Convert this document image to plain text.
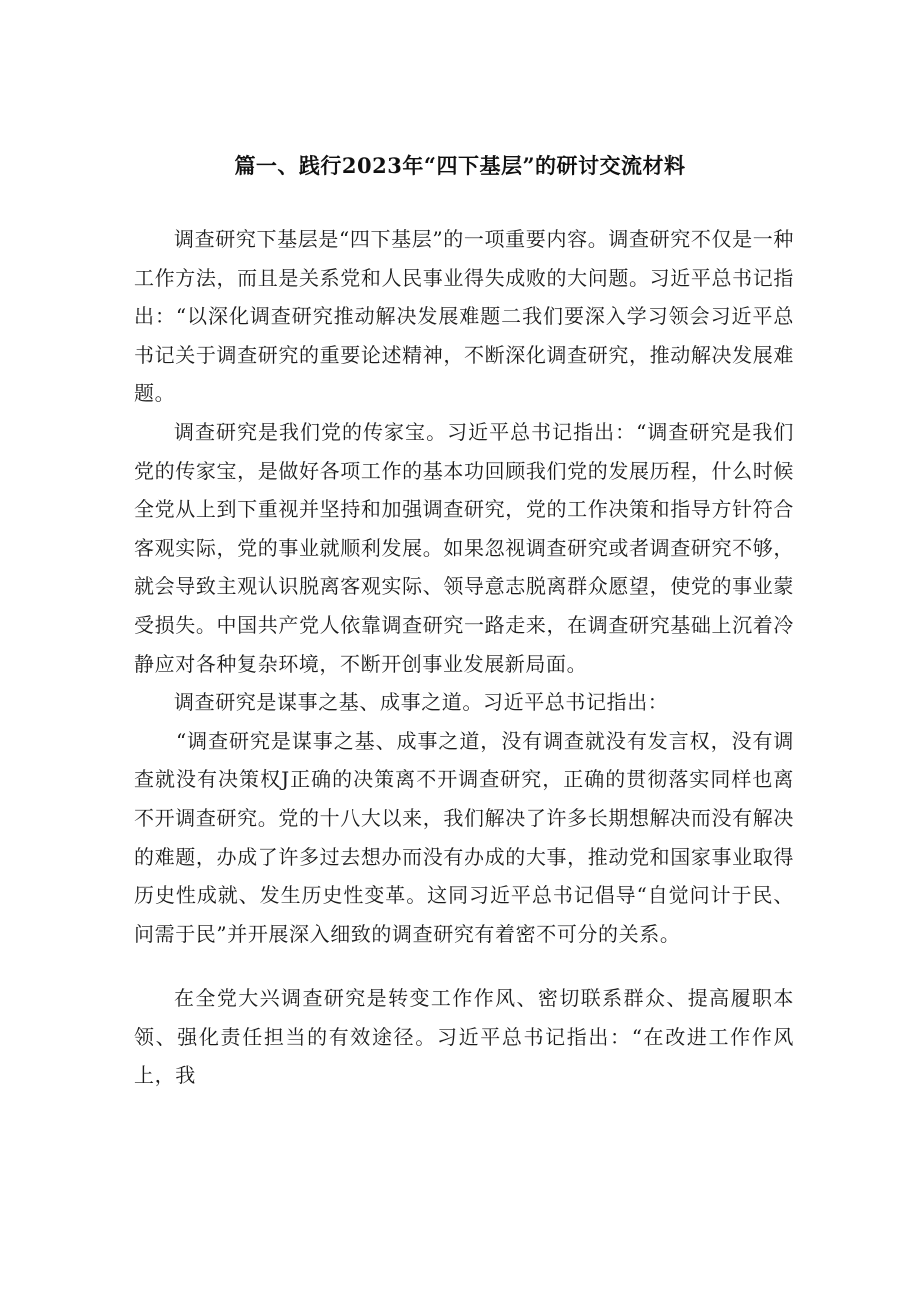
篇一、践行2023年“四下基层”的研讨交流材料

调查研究下基层是“四下基层”的一项重要内容。调查研究不仅是一种工作方法，而且是关系党和人民事业得失成败的大问题。习近平总书记指出：“以深化调查研究推动解决发展难题二我们要深入学习领会习近平总书记关于调查研究的重要论述精神，不断深化调查研究，推动解决发展难题。

调查研究是我们党的传家宝。习近平总书记指出：“调查研究是我们党的传家宝，是做好各项工作的基本功回顾我们党的发展历程，什么时候全党从上到下重视并坚持和加强调查研究，党的工作决策和指导方针符合客观实际，党的事业就顺利发展。如果忽视调查研究或者调查研究不够，就会导致主观认识脱离客观实际、领导意志脱离群众愿望，使党的事业蒙受损失。中国共产党人依靠调查研究一路走来，在调查研究基础上沉着冷静应对各种复杂环境，不断开创事业发展新局面。

调查研究是谋事之基、成事之道。习近平总书记指出：

“调查研究是谋事之基、成事之道，没有调查就没有发言权，没有调查就没有决策权J正确的决策离不开调查研究，正确的贯彻落实同样也离不开调查研究。党的十八大以来，我们解决了许多长期想解决而没有解决的难题，办成了许多过去想办而没有办成的大事，推动党和国家事业取得历史性成就、发生历史性变革。这同习近平总书记倡导“自觉问计于民、问需于民”并开展深入细致的调查研究有着密不可分的关系。

在全党大兴调查研究是转变工作作风、密切联系群众、提高履职本领、强化责任担当的有效途径。习近平总书记指出：“在改进工作作风上，我
